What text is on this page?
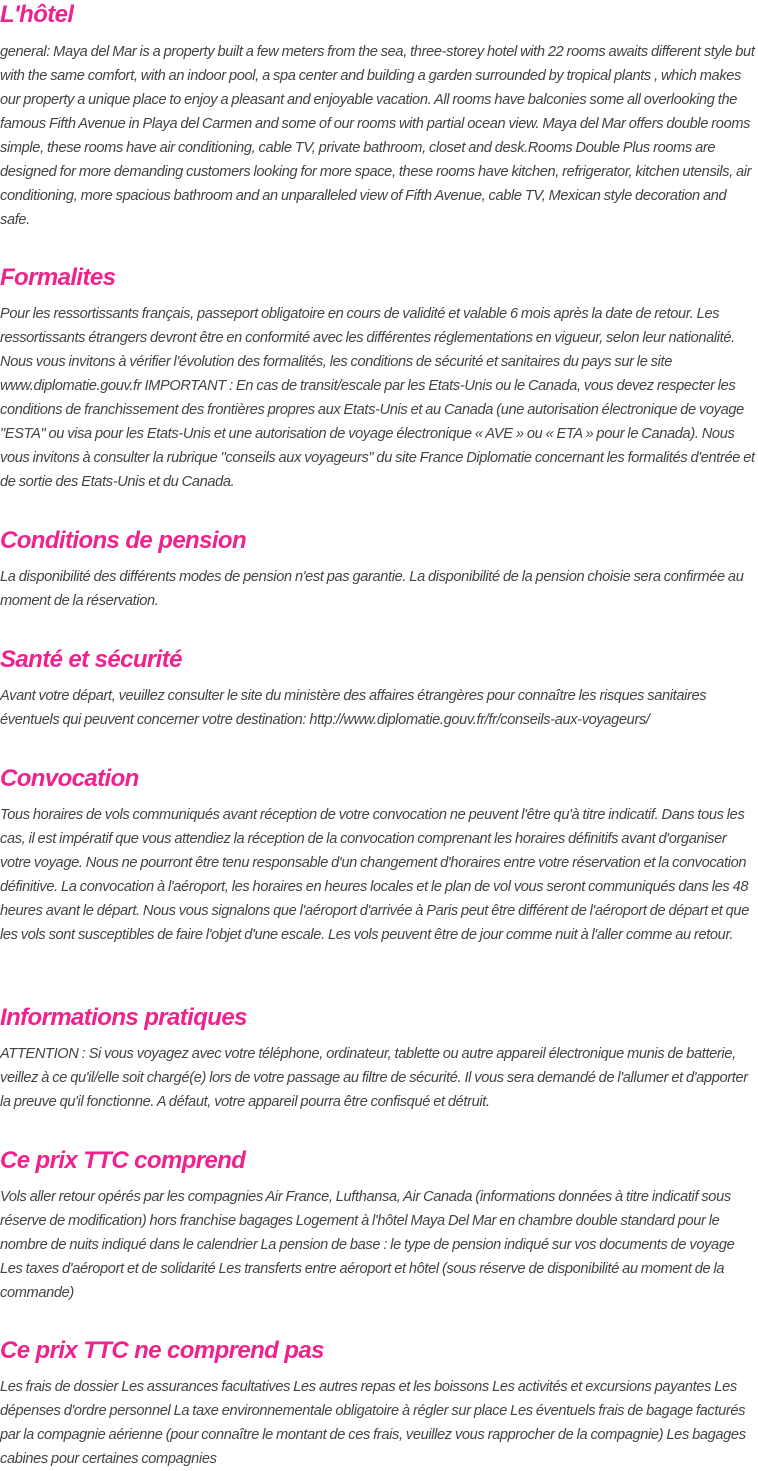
L'hôtel

general: Maya del Mar is a property built a few meters from the sea, three-storey hotel with 22 rooms awaits different style but with the same comfort, with an indoor pool, a spa center and building a garden surrounded by tropical plants , which makes our property a unique place to enjoy a pleasant and enjoyable vacation. All rooms have balconies some all overlooking the famous Fifth Avenue in Playa del Carmen and some of our rooms with partial ocean view. Maya del Mar offers double rooms simple, these rooms have air conditioning, cable TV, private bathroom, closet and desk.Rooms Double Plus rooms are designed for more demanding customers looking for more space, these rooms have kitchen, refrigerator, kitchen utensils, air conditioning, more spacious bathroom and an unparalleled view of Fifth Avenue, cable TV, Mexican style decoration and safe.

Formalites

Pour les ressortissants français, passeport obligatoire en cours de validité et valable 6 mois après la date de retour. Les ressortissants étrangers devront être en conformité avec les différentes réglementations en vigueur, selon leur nationalité. Nous vous invitons à vérifier l'évolution des formalités, les conditions de sécurité et sanitaires du pays sur le site www.diplomatie.gouv.fr IMPORTANT : En cas de transit/escale par les Etats-Unis ou le Canada, vous devez respecter les conditions de franchissement des frontières propres aux Etats-Unis et au Canada (une autorisation électronique de voyage "ESTA" ou visa pour les Etats-Unis et une autorisation de voyage électronique « AVE » ou « ETA » pour le Canada). Nous vous invitons à consulter la rubrique "conseils aux voyageurs" du site France Diplomatie concernant les formalités d'entrée et de sortie des Etats-Unis et du Canada.

Conditions de pension

La disponibilité des différents modes de pension n'est pas garantie. La disponibilité de la pension choisie sera confirmée au moment de la réservation.

Santé et sécurité

Avant votre départ, veuillez consulter le site du ministère des affaires étrangères pour connaître les risques sanitaires éventuels qui peuvent concerner votre destination: http://www.diplomatie.gouv.fr/fr/conseils-aux-voyageurs/

Convocation

Tous horaires de vols communiqués avant réception de votre convocation ne peuvent l'être qu'à titre indicatif. Dans tous les cas, il est impératif que vous attendiez la réception de la convocation comprenant les horaires définitifs avant d'organiser votre voyage. Nous ne pourront être tenu responsable d'un changement d'horaires entre votre réservation et la convocation définitive. La convocation à l'aéroport, les horaires en heures locales et le plan de vol vous seront communiqués dans les 48 heures avant le départ. Nous vous signalons que l'aéroport d'arrivée à Paris peut être différent de l'aéroport de départ et que les vols sont susceptibles de faire l'objet d'une escale. Les vols peuvent être de jour comme nuit à l'aller comme au retour.

Informations pratiques

ATTENTION : Si vous voyagez avec votre téléphone, ordinateur, tablette ou autre appareil électronique munis de batterie, veillez à ce qu'il/elle soit chargé(e) lors de votre passage au filtre de sécurité. Il vous sera demandé de l'allumer et d'apporter la preuve qu'il fonctionne. A défaut, votre appareil pourra être confisqué et détruit.

Ce prix TTC comprend

Vols aller retour opérés par les compagnies Air France, Lufthansa, Air Canada (informations données à titre indicatif sous réserve de modification) hors franchise bagages Logement à l'hôtel Maya Del Mar en chambre double standard pour le nombre de nuits indiqué dans le calendrier La pension de base : le type de pension indiqué sur vos documents de voyage Les taxes d'aéroport et de solidarité Les transferts entre aéroport et hôtel (sous réserve de disponibilité au moment de la commande)

Ce prix TTC ne comprend pas

Les frais de dossier Les assurances facultatives Les autres repas et les boissons Les activités et excursions payantes Les dépenses d'ordre personnel La taxe environnementale obligatoire à régler sur place Les éventuels frais de bagage facturés par la compagnie aérienne (pour connaître le montant de ces frais, veuillez vous rapprocher de la compagnie) Les bagages cabines pour certaines compagnies
